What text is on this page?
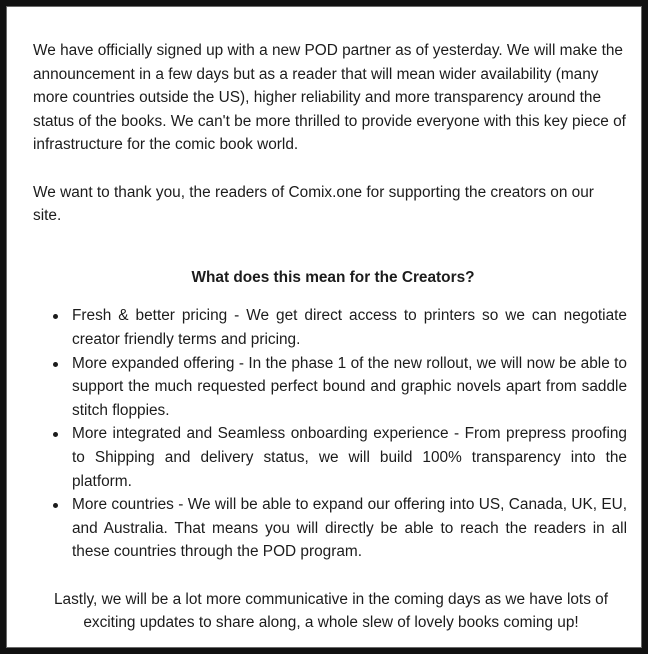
We have officially signed up with a new POD partner as of yesterday. We will make the announcement in a few days but as a reader that will mean wider availability (many more countries outside the US), higher reliability and more transparency around the status of the books. We can't be more thrilled to provide everyone with this key piece of infrastructure for the comic book world.

We want to thank you, the readers of Comix.one for supporting the creators on our site.

What does this mean for the Creators?

Fresh & better pricing - We get direct access to printers so we can negotiate creator friendly terms and pricing.
More expanded offering - In the phase 1 of the new rollout, we will now be able to support the much requested perfect bound and graphic novels apart from saddle stitch floppies.
More integrated and Seamless onboarding experience - From prepress proofing to Shipping and delivery status, we will build 100% transparency into the platform.
More countries - We will be able to expand our offering into US, Canada, UK, EU, and Australia. That means you will directly be able to reach the readers in all these countries through the POD program.

Lastly, we will be a lot more communicative in the coming days as we have lots of exciting updates to share along, a whole slew of lovely books coming up!
